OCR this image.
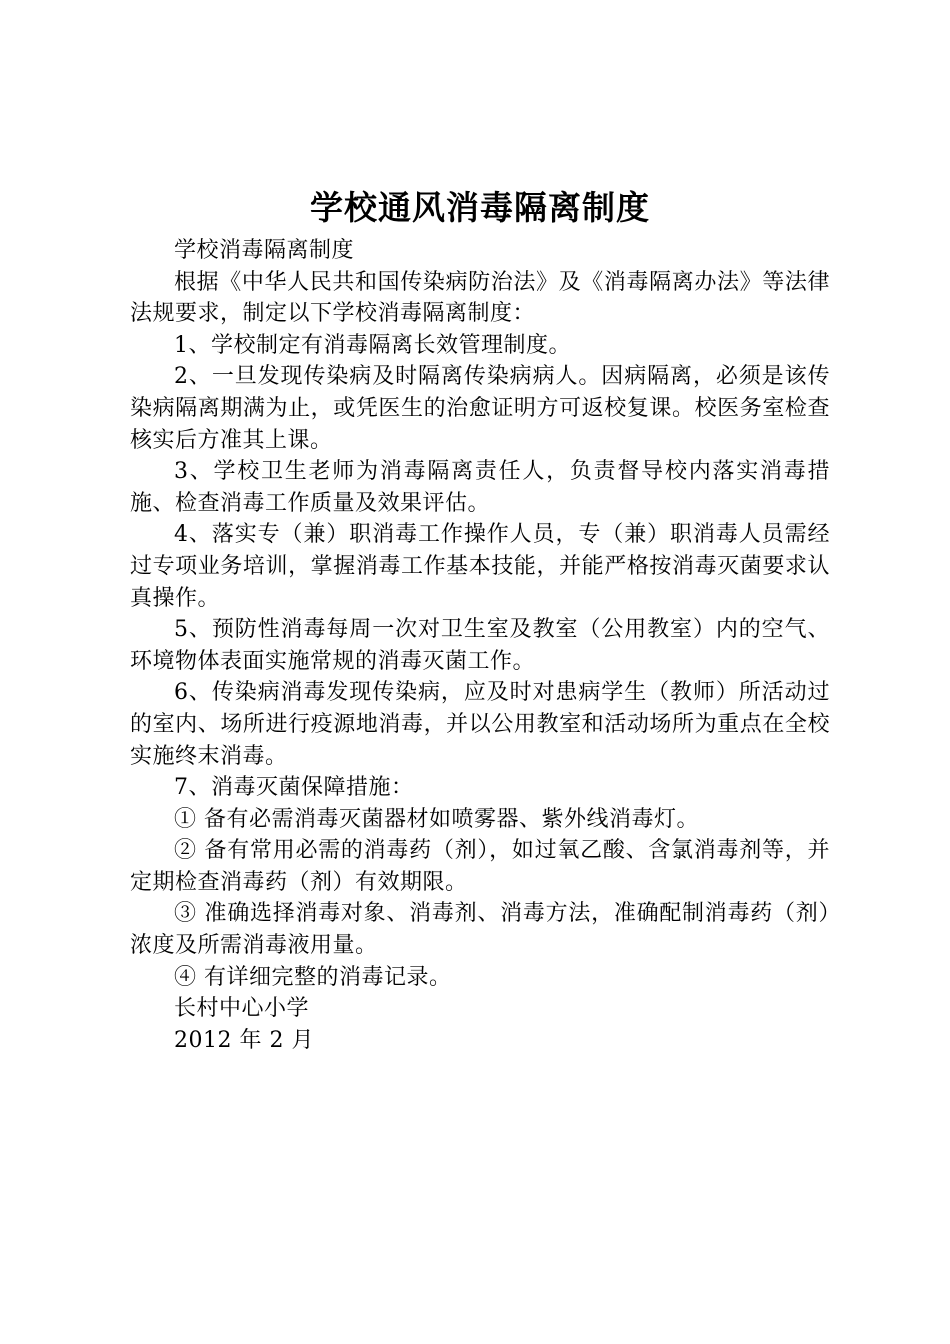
学校通风消毒隔离制度

学校消毒隔离制度

根据《中华人民共和国传染病防治法》及《消毒隔离办法》等法律法规要求，制定以下学校消毒隔离制度：

1、学校制定有消毒隔离长效管理制度。

2、一旦发现传染病及时隔离传染病病人。因病隔离，必须是该传染病隔离期满为止，或凭医生的治愈证明方可返校复课。校医务室检查核实后方准其上课。

3、学校卫生老师为消毒隔离责任人，负责督导校内落实消毒措施、检查消毒工作质量及效果评估。

4、落实专（兼）职消毒工作操作人员，专（兼）职消毒人员需经过专项业务培训，掌握消毒工作基本技能，并能严格按消毒灭菌要求认真操作。

5、预防性消毒每周一次对卫生室及教室（公用教室）内的空气、环境物体表面实施常规的消毒灭菌工作。

6、传染病消毒发现传染病，应及时对患病学生（教师）所活动过的室内、场所进行疫源地消毒，并以公用教室和活动场所为重点在全校实施终末消毒。

7、消毒灭菌保障措施：

① 备有必需消毒灭菌器材如喷雾器、紫外线消毒灯。

② 备有常用必需的消毒药（剂），如过氧乙酸、含氯消毒剂等，并定期检查消毒药（剂）有效期限。

③ 准确选择消毒对象、消毒剂、消毒方法，准确配制消毒药（剂）浓度及所需消毒液用量。

④ 有详细完整的消毒记录。

长村中心小学

2012 年 2 月
